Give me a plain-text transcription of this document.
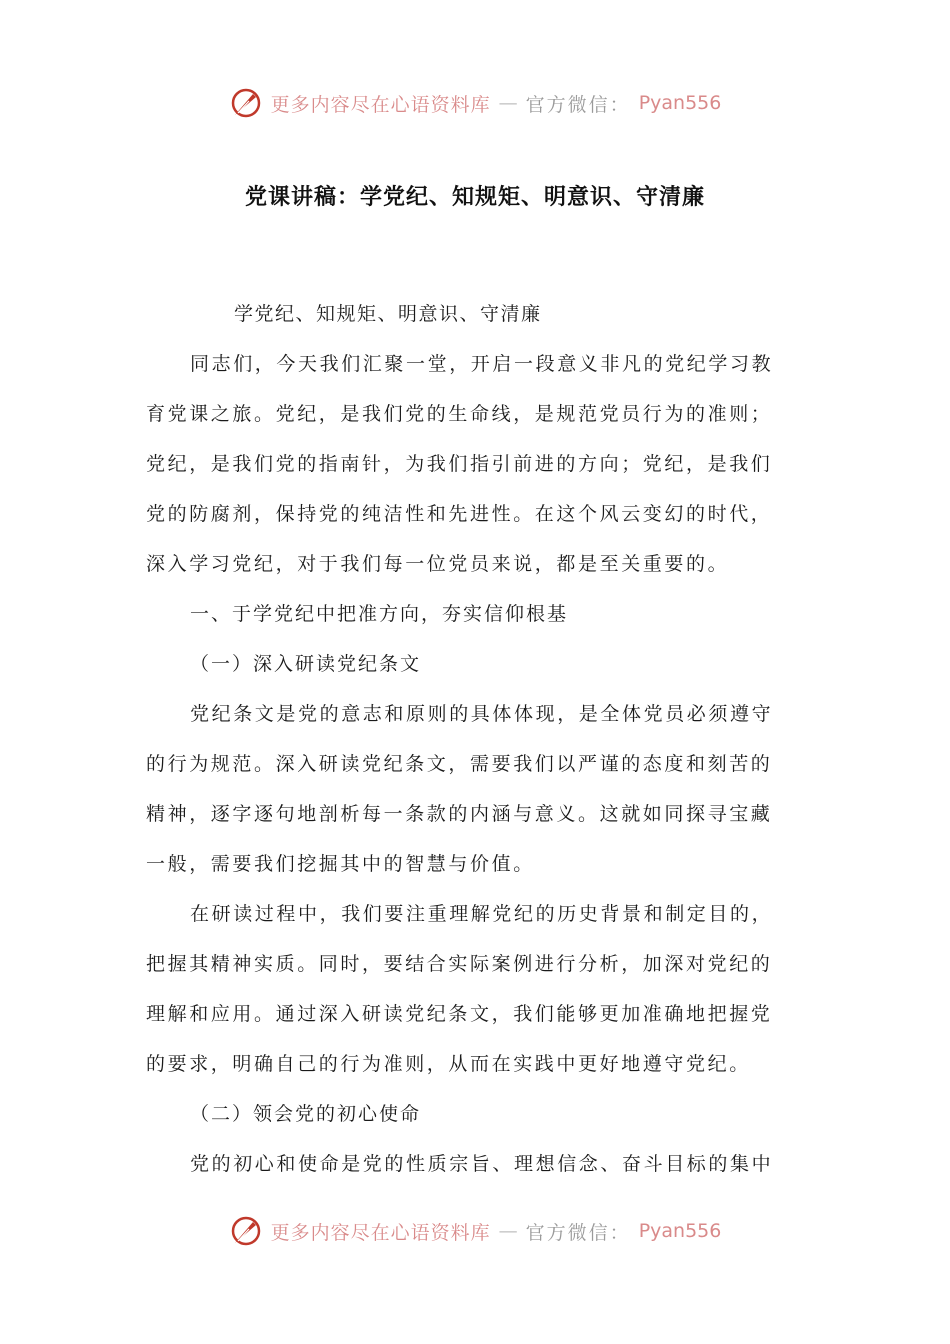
更多内容尽在心语资料库 — 官方微信： Pyan556
党课讲稿：学党纪、知规矩、明意识、守清廉
学党纪、知规矩、明意识、守清廉
同志们，今天我们汇聚一堂，开启一段意义非凡的党纪学习教
育党课之旅。党纪，是我们党的生命线，是规范党员行为的准则；
党纪，是我们党的指南针，为我们指引前进的方向；党纪，是我们
党的防腐剂，保持党的纯洁性和先进性。在这个风云变幻的时代，
深入学习党纪，对于我们每一位党员来说，都是至关重要的。
一、于学党纪中把准方向，夯实信仰根基
（一）深入研读党纪条文
党纪条文是党的意志和原则的具体体现，是全体党员必须遵守
的行为规范。深入研读党纪条文，需要我们以严谨的态度和刻苦的
精神，逐字逐句地剖析每一条款的内涵与意义。这就如同探寻宝藏
一般，需要我们挖掘其中的智慧与价值。
在研读过程中，我们要注重理解党纪的历史背景和制定目的，
把握其精神实质。同时，要结合实际案例进行分析，加深对党纪的
理解和应用。通过深入研读党纪条文，我们能够更加准确地把握党
的要求，明确自己的行为准则，从而在实践中更好地遵守党纪。
（二）领会党的初心使命
党的初心和使命是党的性质宗旨、理想信念、奋斗目标的集中
更多内容尽在心语资料库 — 官方微信： Pyan556
